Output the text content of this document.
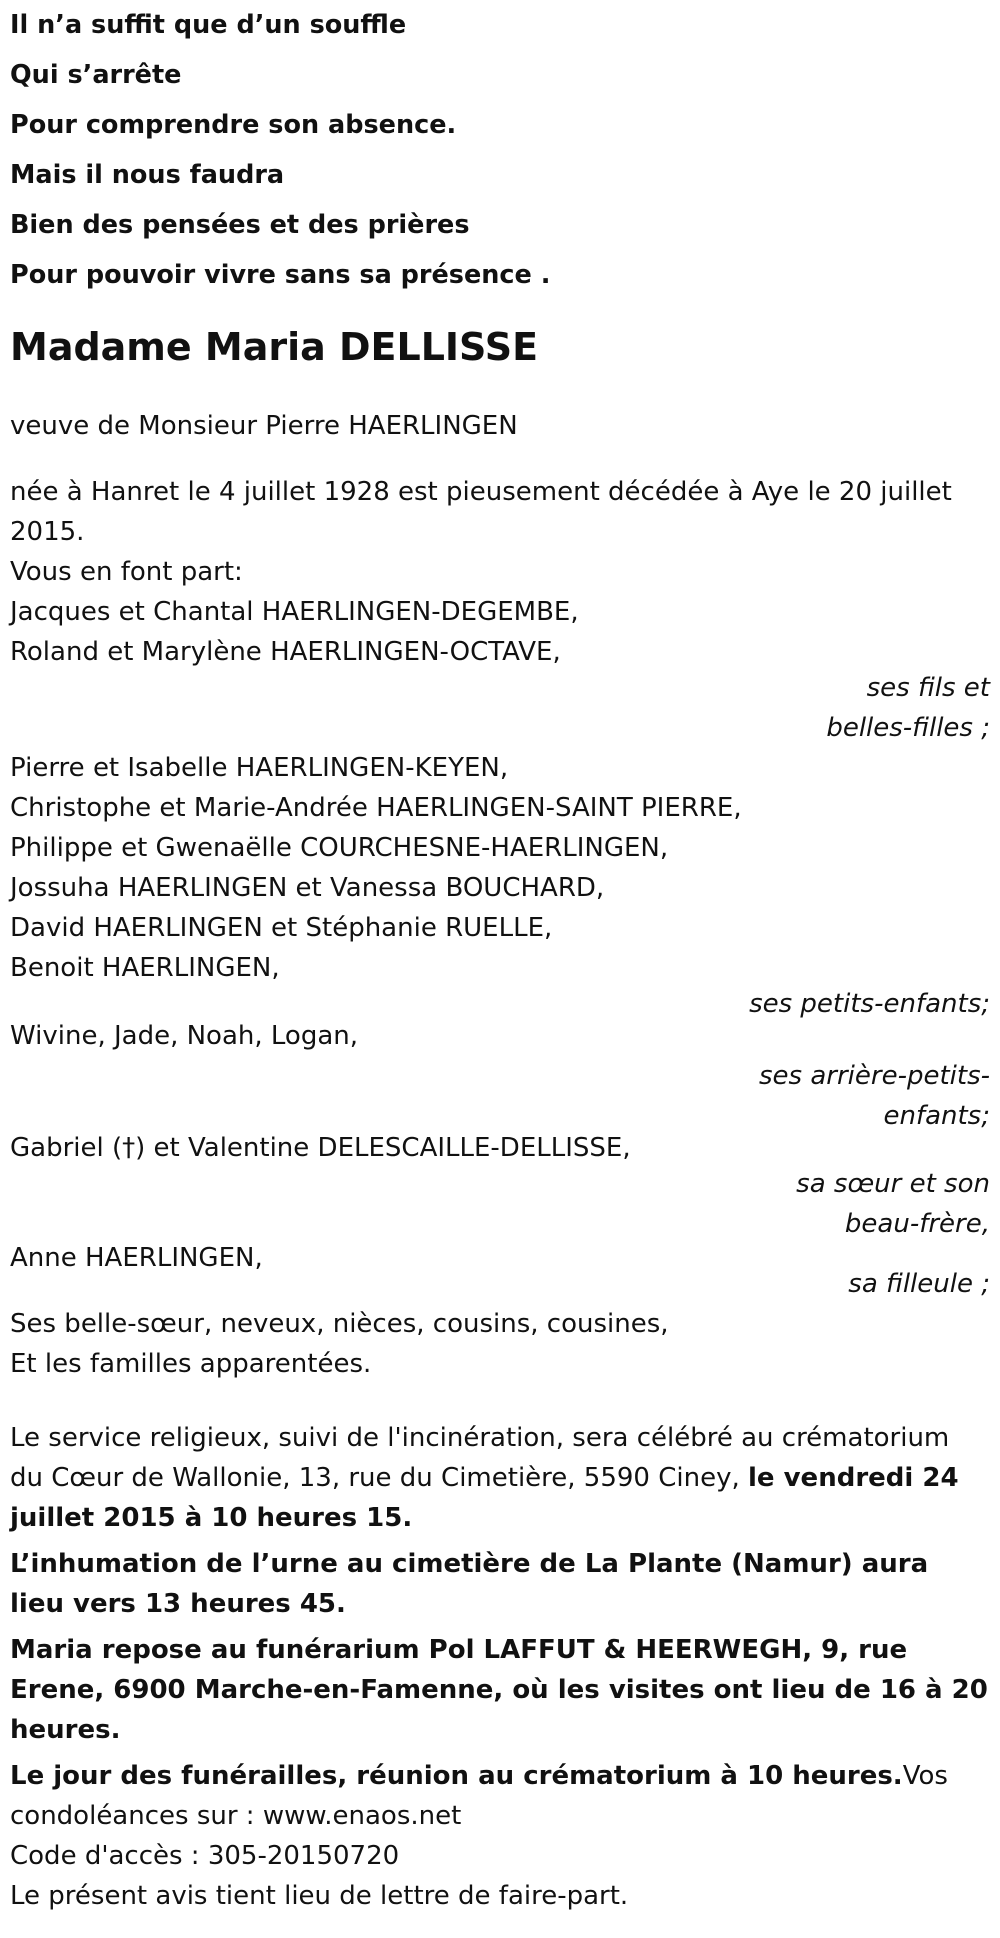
Il n’a suffit que d’un souffle

Qui s’arrête

Pour comprendre son absence.

Mais il nous faudra

Bien des pensées et des prières

Pour pouvoir vivre sans sa présence .

Madame Maria DELLISSE

veuve de Monsieur Pierre HAERLINGEN

née à Hanret le 4 juillet 1928 est pieusement décédée à Aye le 20 juillet 2015.

Vous en font part:

Jacques et Chantal HAERLINGEN-DEGEMBE,
Roland et Marylène HAERLINGEN-OCTAVE,
ses fils et belles-filles ;
Pierre et Isabelle HAERLINGEN-KEYEN,
Christophe et Marie-Andrée HAERLINGEN-SAINT PIERRE,
Philippe et Gwenaëlle COURCHESNE-HAERLINGEN,
Jossuha HAERLINGEN et Vanessa BOUCHARD,
David HAERLINGEN et Stéphanie RUELLE,
Benoit HAERLINGEN,
ses petits-enfants;
Wivine, Jade, Noah, Logan,
ses arrière-petits-enfants;
Gabriel (†) et Valentine DELESCAILLE-DELLISSE,
sa sœur et son beau-frère,
Anne HAERLINGEN,
sa filleule ;
Ses belle-sœur, neveux, nièces, cousins, cousines,
Et les familles apparentées.

Le service religieux, suivi de l'incinération, sera célébré au crématorium du Cœur de Wallonie, 13, rue du Cimetière, 5590 Ciney, le vendredi 24 juillet 2015 à 10 heures 15.

L’inhumation de l’urne au cimetière de La Plante (Namur) aura lieu vers 13 heures 45.

Maria repose au funérarium Pol LAFFUT & HEERWEGH, 9, rue Erene, 6900 Marche-en-Famenne, où les visites ont lieu de 16 à 20 heures.

Le jour des funérailles, réunion au crématorium à 10 heures.Vos condoléances sur : www.enaos.net

Code d'accès : 305-20150720

Le présent avis tient lieu de lettre de faire-part.
